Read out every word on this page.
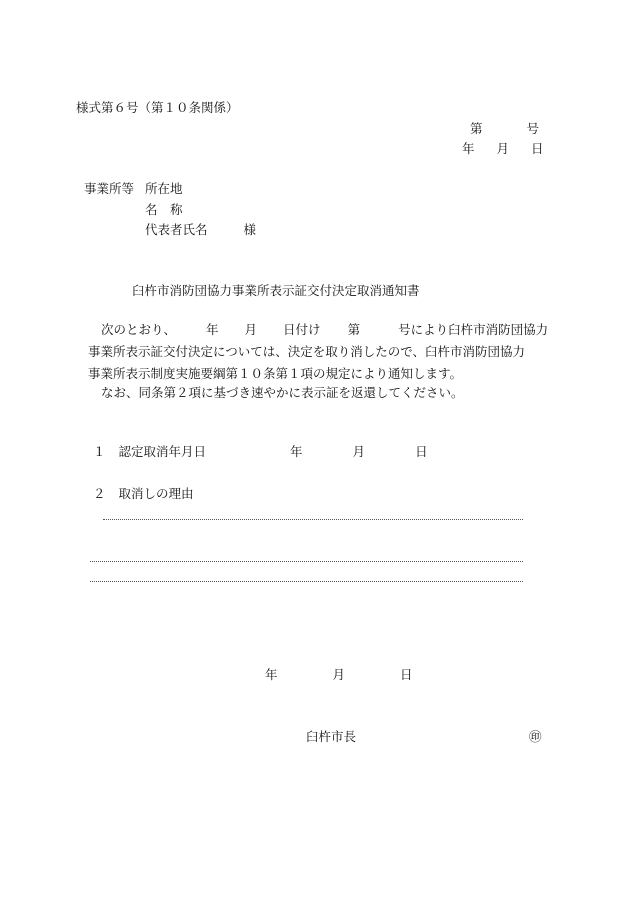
様式第６号（第１０条関係）
第	号
年 月 日
事業所等 所在地
名　称
代表者氏名	様
臼杵市消防団協力事業所表示証交付決定取消通知書
次のとおり、 年 月 日付け 第	号により臼杵市消防団協力
事業所表示証交付決定については、決定を取り消したので、臼杵市消防団協力
事業所表示制度実施要綱第１０条第１項の規定により通知します。
なお、同条第２項に基づき速やかに表示証を返還してください。
１ 認定取消年月日	年	月	日
２ 取消しの理由
年	月	日
臼杵市長	㊞
